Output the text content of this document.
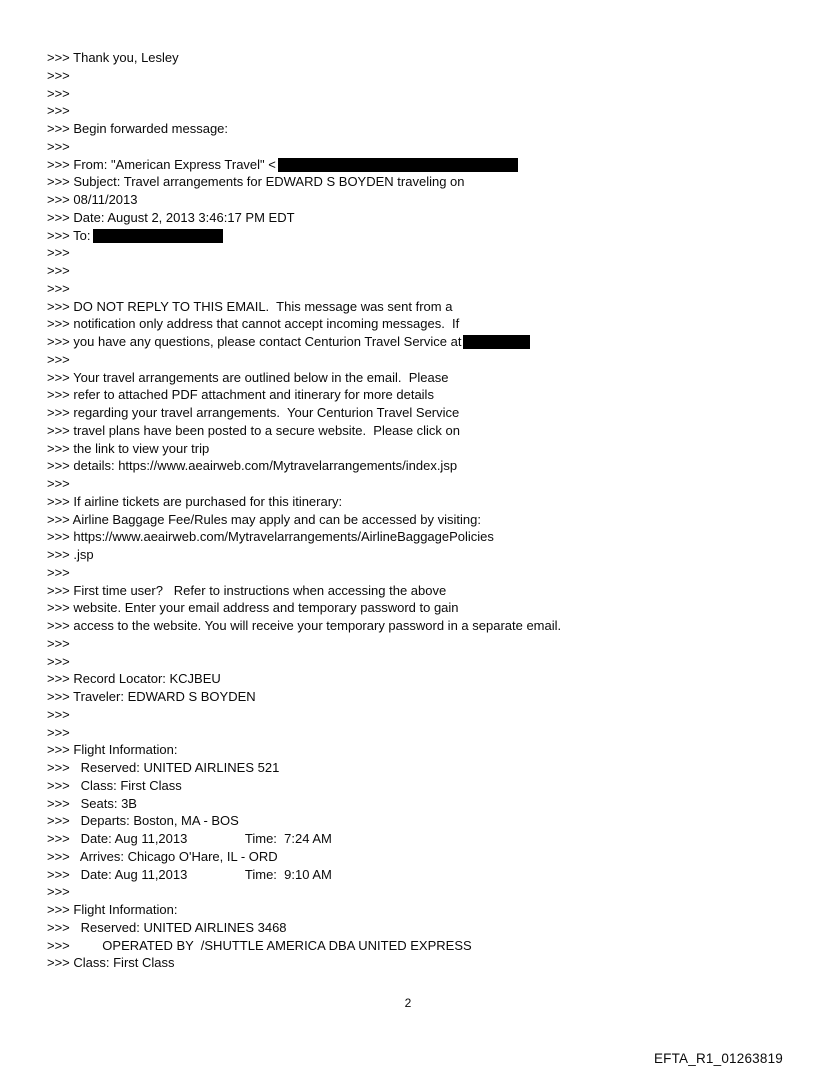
>>> Thank you, Lesley
>>>
>>>
>>>
>>> Begin forwarded message:
>>>
>>> From: "American Express Travel" <
>>> Subject: Travel arrangements for EDWARD S BOYDEN traveling on
>>> 08/11/2013
>>> Date: August 2, 2013 3:46:17 PM EDT
>>> To:
>>>
>>>
>>>
>>> DO NOT REPLY TO THIS EMAIL.  This message was sent from a
>>> notification only address that cannot accept incoming messages.  If
>>> you have any questions, please contact Centurion Travel Service at
>>>
>>> Your travel arrangements are outlined below in the email.  Please
>>> refer to attached PDF attachment and itinerary for more details
>>> regarding your travel arrangements.  Your Centurion Travel Service
>>> travel plans have been posted to a secure website.  Please click on
>>> the link to view your trip
>>> details: https://www.aeairweb.com/Mytravelarrangements/index.jsp
>>>
>>> If airline tickets are purchased for this itinerary:
>>> Airline Baggage Fee/Rules may apply and can be accessed by visiting:
>>> https://www.aeairweb.com/Mytravelarrangements/AirlineBaggagePolicies
>>> .jsp
>>>
>>> First time user?   Refer to instructions when accessing the above
>>> website. Enter your email address and temporary password to gain
>>> access to the website. You will receive your temporary password in a separate email.
>>>
>>>
>>> Record Locator: KCJBEU
>>> Traveler: EDWARD S BOYDEN
>>>
>>>
>>> Flight Information:
>>>   Reserved: UNITED AIRLINES 521
>>>   Class: First Class
>>>   Seats: 3B
>>>   Departs: Boston, MA - BOS
>>>   Date: Aug 11,2013                Time:  7:24 AM
>>>   Arrives: Chicago O'Hare, IL - ORD
>>>   Date: Aug 11,2013                Time:  9:10 AM
>>>
>>> Flight Information:
>>>   Reserved: UNITED AIRLINES 3468
>>>         OPERATED BY  /SHUTTLE AMERICA DBA UNITED EXPRESS
>>> Class: First Class
2
EFTA_R1_01263819
